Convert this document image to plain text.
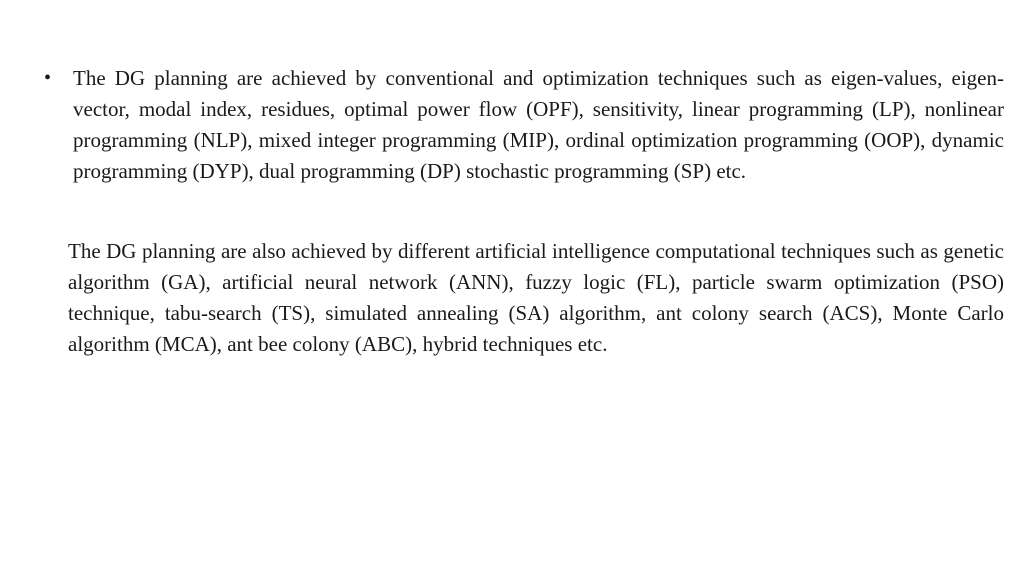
•	The DG planning are achieved by conventional and optimization techniques such as eigen-values, eigen-vector, modal index, residues, optimal power flow (OPF), sensitivity, linear programming (LP), nonlinear programming (NLP), mixed integer programming (MIP), ordinal optimization programming (OOP), dynamic programming (DYP), dual programming (DP) stochastic programming (SP) etc.
The DG planning are also achieved by different artificial intelligence computational techniques such as genetic algorithm (GA), artificial neural network (ANN), fuzzy logic (FL), particle swarm optimization (PSO) technique, tabu-search (TS), simulated annealing (SA) algorithm, ant colony search (ACS), Monte Carlo algorithm (MCA), ant bee colony (ABC), hybrid techniques etc.
